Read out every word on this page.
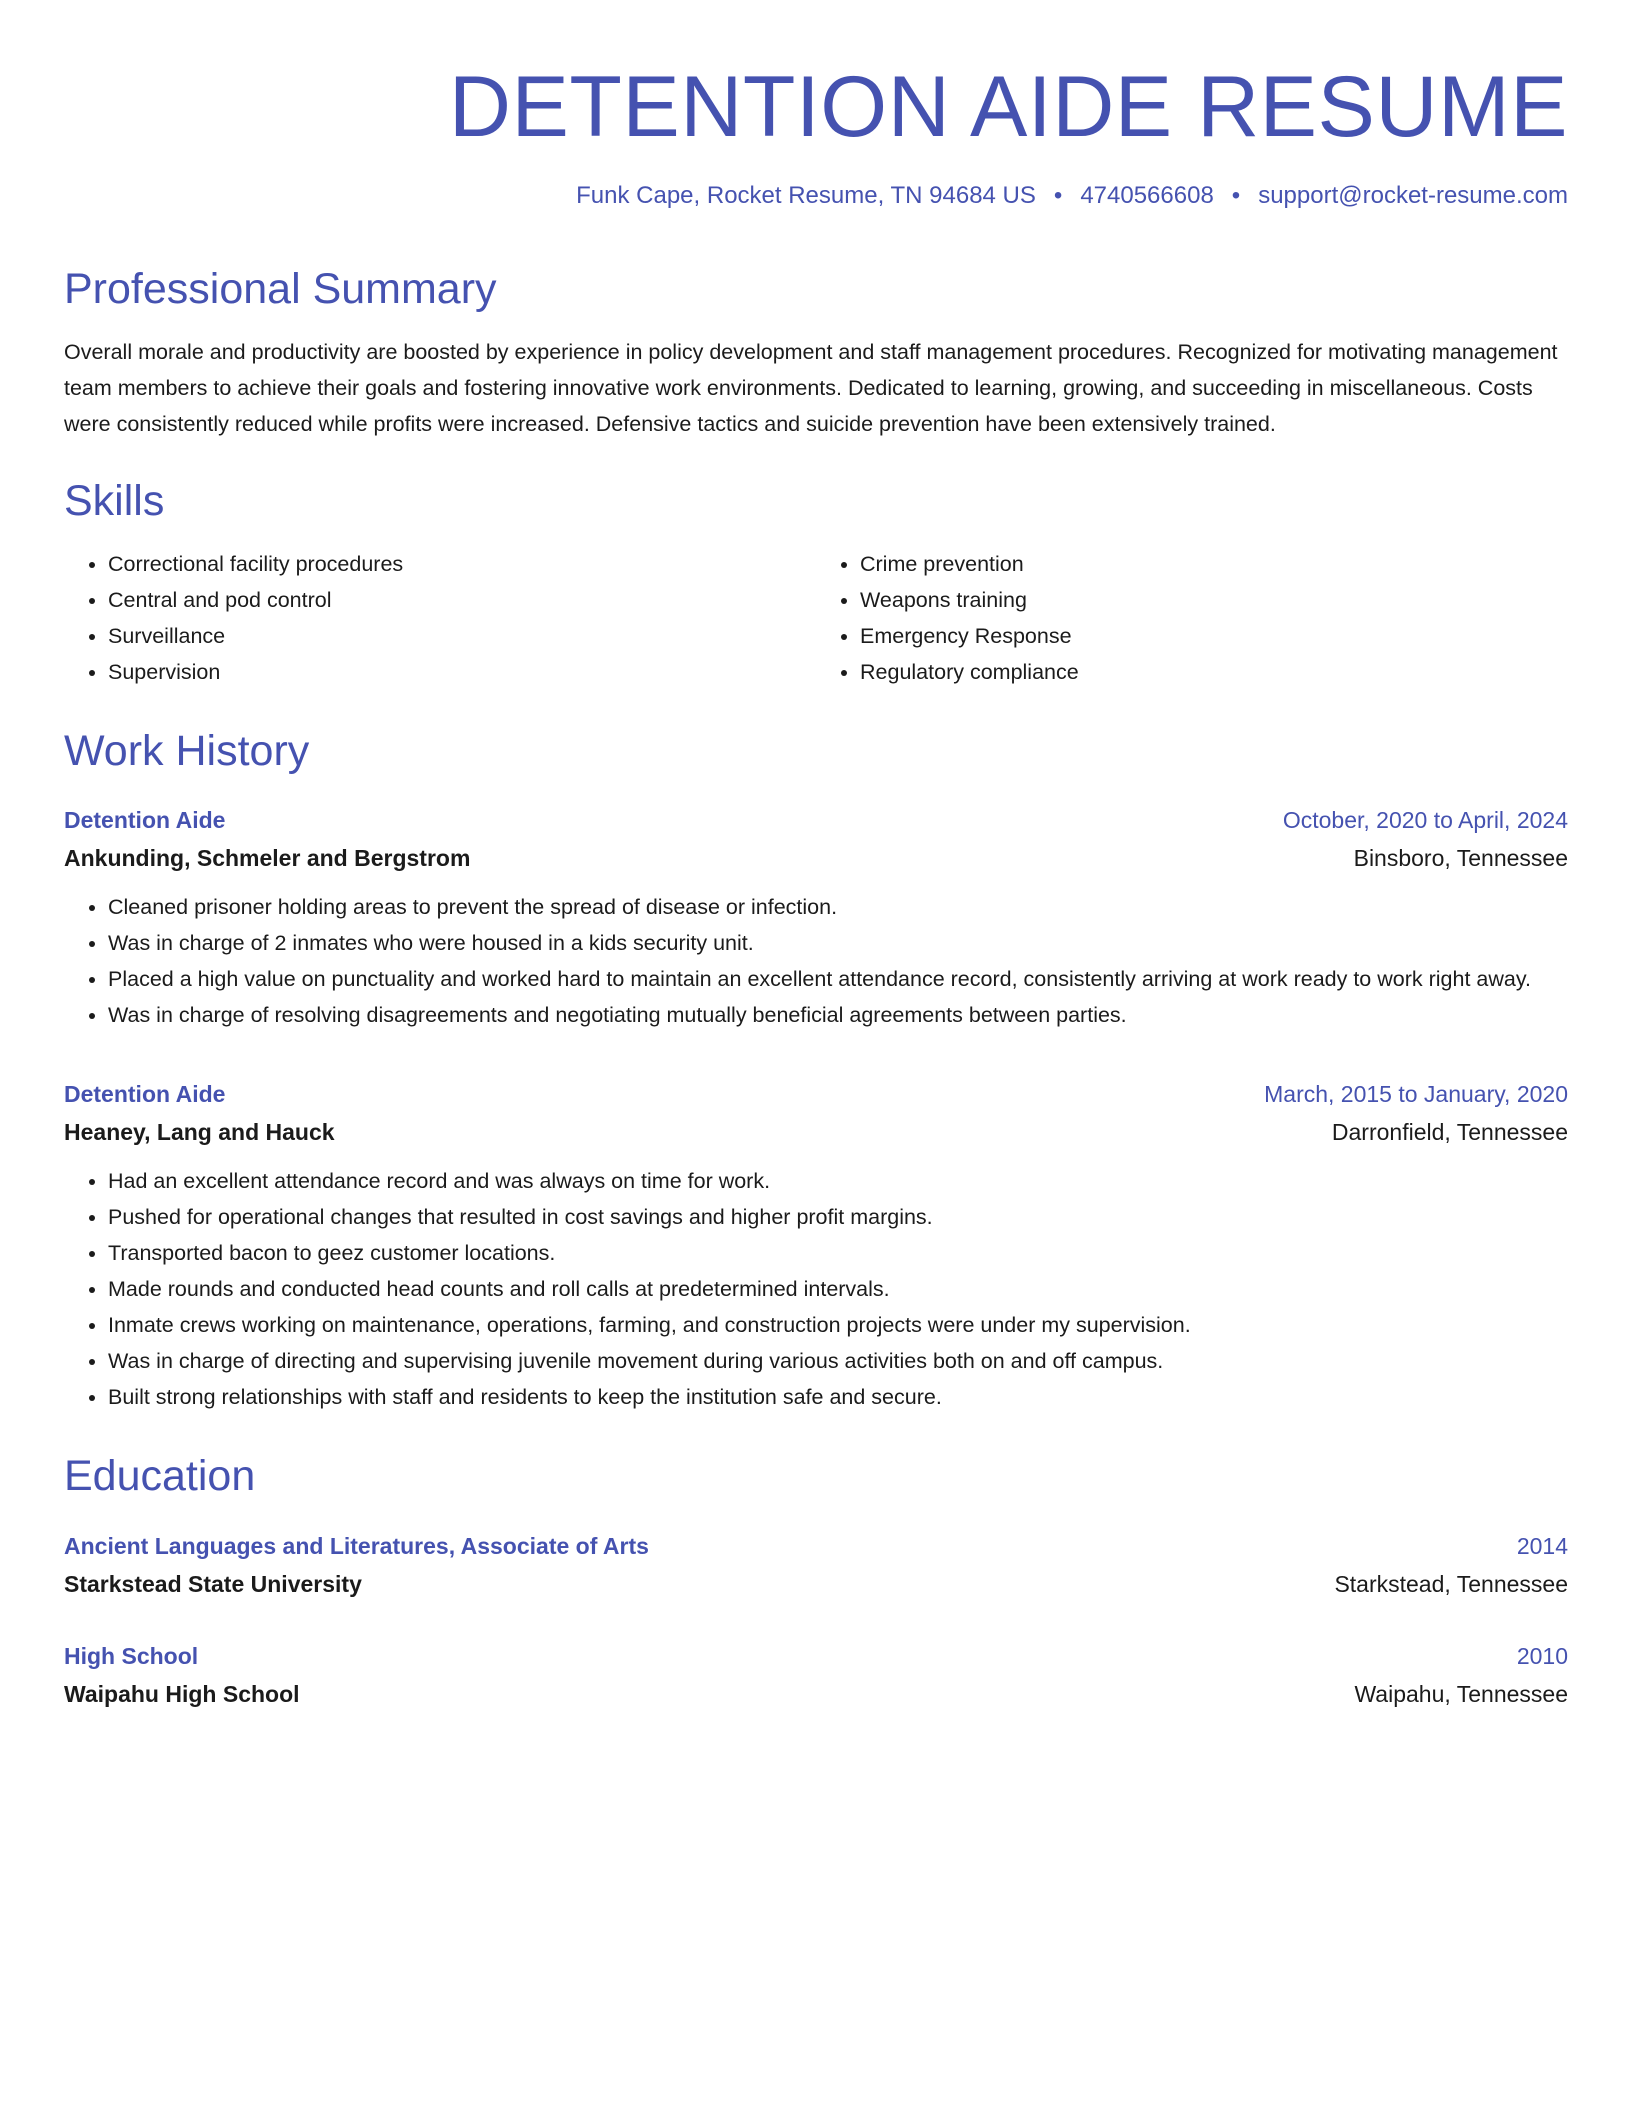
DETENTION AIDE RESUME
Funk Cape, Rocket Resume, TN 94684 US • 4740566608 • support@rocket-resume.com
Professional Summary
Overall morale and productivity are boosted by experience in policy development and staff management procedures. Recognized for motivating management team members to achieve their goals and fostering innovative work environments. Dedicated to learning, growing, and succeeding in miscellaneous. Costs were consistently reduced while profits were increased. Defensive tactics and suicide prevention have been extensively trained.
Skills
• Correctional facility procedures
• Central and pod control
• Surveillance
• Supervision
• Crime prevention
• Weapons training
• Emergency Response
• Regulatory compliance
Work History
Detention Aide	October, 2020 to April, 2024
Ankunding, Schmeler and Bergstrom	Binsboro, Tennessee
• Cleaned prisoner holding areas to prevent the spread of disease or infection.
• Was in charge of 2 inmates who were housed in a kids security unit.
• Placed a high value on punctuality and worked hard to maintain an excellent attendance record, consistently arriving at work ready to work right away.
• Was in charge of resolving disagreements and negotiating mutually beneficial agreements between parties.
Detention Aide	March, 2015 to January, 2020
Heaney, Lang and Hauck	Darronfield, Tennessee
• Had an excellent attendance record and was always on time for work.
• Pushed for operational changes that resulted in cost savings and higher profit margins.
• Transported bacon to geez customer locations.
• Made rounds and conducted head counts and roll calls at predetermined intervals.
• Inmate crews working on maintenance, operations, farming, and construction projects were under my supervision.
• Was in charge of directing and supervising juvenile movement during various activities both on and off campus.
• Built strong relationships with staff and residents to keep the institution safe and secure.
Education
Ancient Languages and Literatures, Associate of Arts	2014
Starkstead State University	Starkstead, Tennessee
High School	2010
Waipahu High School	Waipahu, Tennessee
